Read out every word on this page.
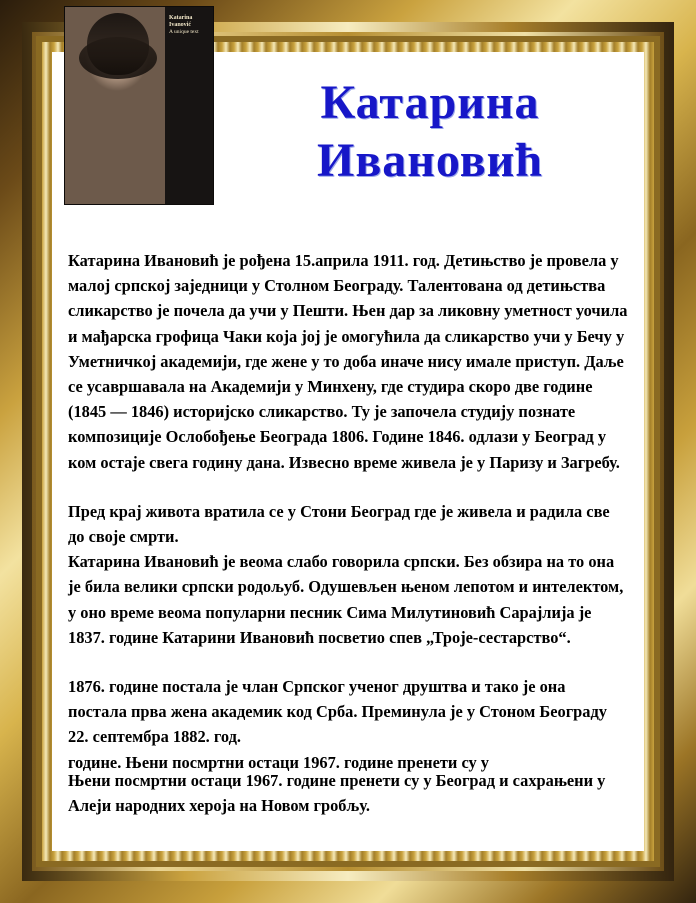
Katarina
Ivanović
A unique text
Катарина
Ивановић

Катарина Ивановић је рођена 15.априла 1911. год. Детињство је провела у малој српској заједници у Столном Београду. Талентована од детињства сликарство је почела да учи у Пешти. Њен дар за ликовну уметност уочила и мађарска грофица Чаки која јој је омогућила да сликарство учи у Бечу у Уметничкој академији, где жене у то доба иначе нису имале приступ. Даље се усавршавала на Академији у Минхену, где студира скоро две године (1845 — 1846) историјско сликарство. Ту је започела студију познате композиције Ослобођење Београда 1806. Године 1846. одлази у Београд у ком остаје свега годину дана. Извесно време живела је у Паризу и Загребу.

Пред крај живота вратила се у Стони Београд где је живела и радила све до своје смрти.

Катарина Ивановић је веома слабо говорила српски. Без обзира на то она је била велики српски родољуб. Одушевљен њеном лепотом и интелектом, у оно време веома популарни песник Сима Милутиновић Сарајлија је 1837. године Катарини Ивановић посветио спев „Троје-сестарство“.

1876. године постала је члан Српског ученог друштва и тако је она постала прва жена академик код Срба. Преминула је у Стоном Београду 22. септембра 1882. год.

године. Њени посмртни остаци 1967. године пренети су у

Њени посмртни остаци 1967. године пренети су у Београд и сахрањени у Алеји народних хероја на Новом гробљу.
